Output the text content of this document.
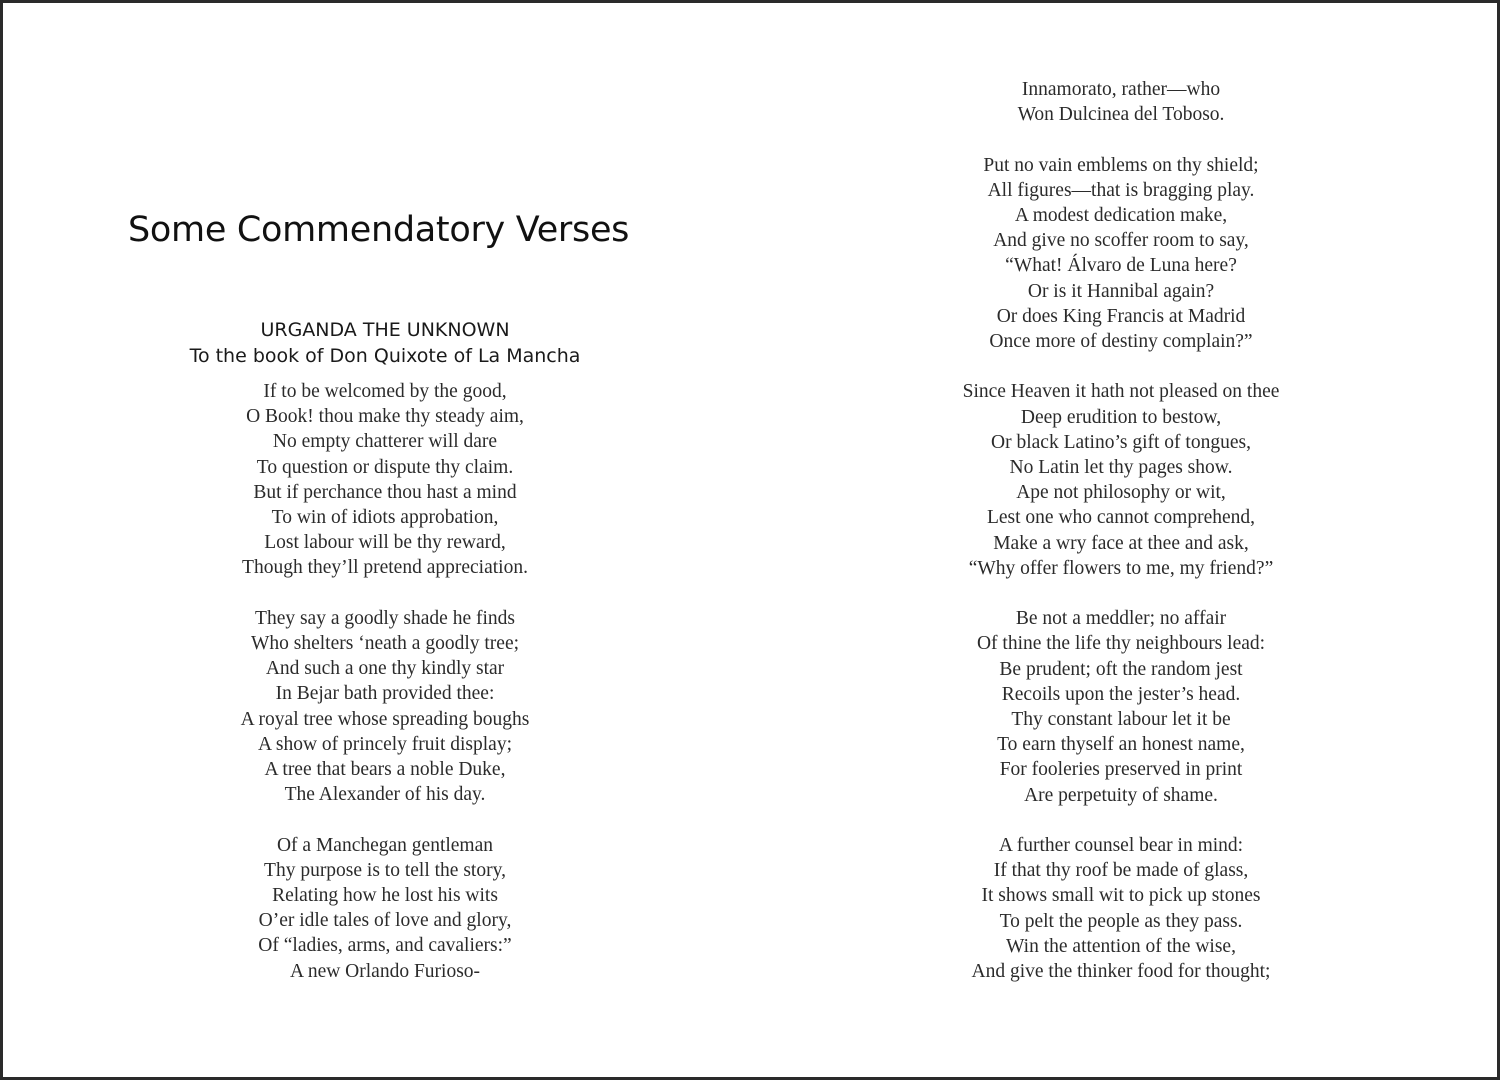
Some Commendatory Verses
URGANDA THE UNKNOWN
To the book of Don Quixote of La Mancha
If to be welcomed by the good,
O Book! thou make thy steady aim,
No empty chatterer will dare
To question or dispute thy claim.
But if perchance thou hast a mind
To win of idiots approbation,
Lost labour will be thy reward,
Though they’ll pretend appreciation.
They say a goodly shade he finds
Who shelters ‘neath a goodly tree;
And such a one thy kindly star
In Bejar bath provided thee:
A royal tree whose spreading boughs
A show of princely fruit display;
A tree that bears a noble Duke,
The Alexander of his day.
Of a Manchegan gentleman
Thy purpose is to tell the story,
Relating how he lost his wits
O’er idle tales of love and glory,
Of “ladies, arms, and cavaliers:”
A new Orlando Furioso-
Innamorato, rather—who
Won Dulcinea del Toboso.
Put no vain emblems on thy shield;
All figures—that is bragging play.
A modest dedication make,
And give no scoffer room to say,
“What! Álvaro de Luna here?
Or is it Hannibal again?
Or does King Francis at Madrid
Once more of destiny complain?”
Since Heaven it hath not pleased on thee
Deep erudition to bestow,
Or black Latino’s gift of tongues,
No Latin let thy pages show.
Ape not philosophy or wit,
Lest one who cannot comprehend,
Make a wry face at thee and ask,
“Why offer flowers to me, my friend?”
Be not a meddler; no affair
Of thine the life thy neighbours lead:
Be prudent; oft the random jest
Recoils upon the jester’s head.
Thy constant labour let it be
To earn thyself an honest name,
For fooleries preserved in print
Are perpetuity of shame.
A further counsel bear in mind:
If that thy roof be made of glass,
It shows small wit to pick up stones
To pelt the people as they pass.
Win the attention of the wise,
And give the thinker food for thought;
